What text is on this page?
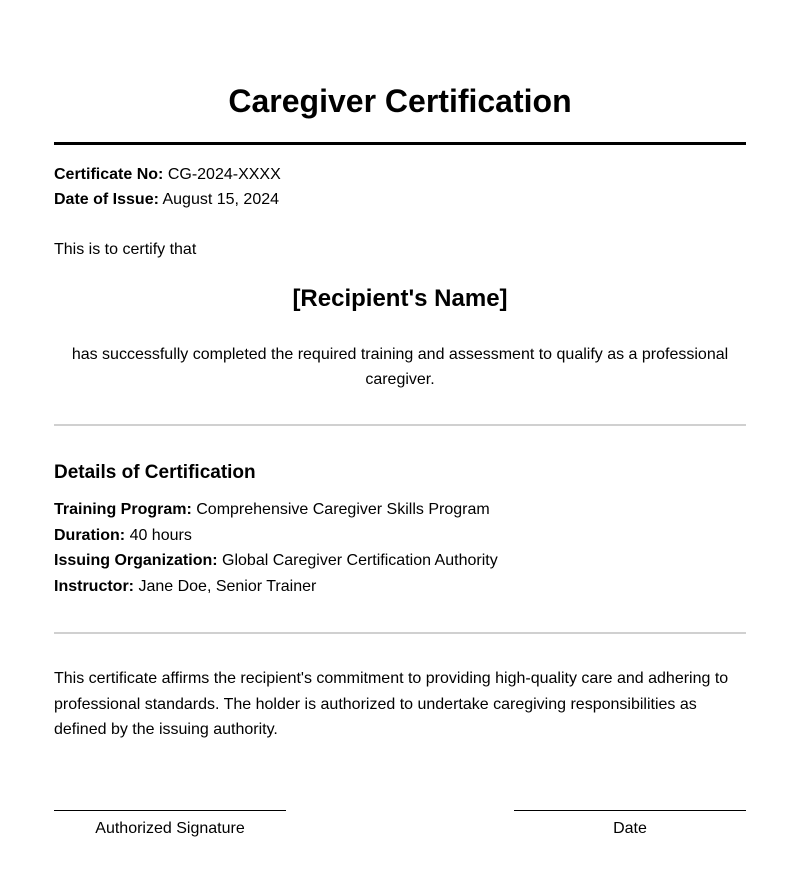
Caregiver Certification
Certificate No: CG-2024-XXXX
Date of Issue: August 15, 2024
This is to certify that
[Recipient's Name]
has successfully completed the required training and assessment to qualify as a professional caregiver.
Details of Certification
Training Program: Comprehensive Caregiver Skills Program
Duration: 40 hours
Issuing Organization: Global Caregiver Certification Authority
Instructor: Jane Doe, Senior Trainer
This certificate affirms the recipient's commitment to providing high-quality care and adhering to professional standards. The holder is authorized to undertake caregiving responsibilities as defined by the issuing authority.
Authorized Signature	Date
